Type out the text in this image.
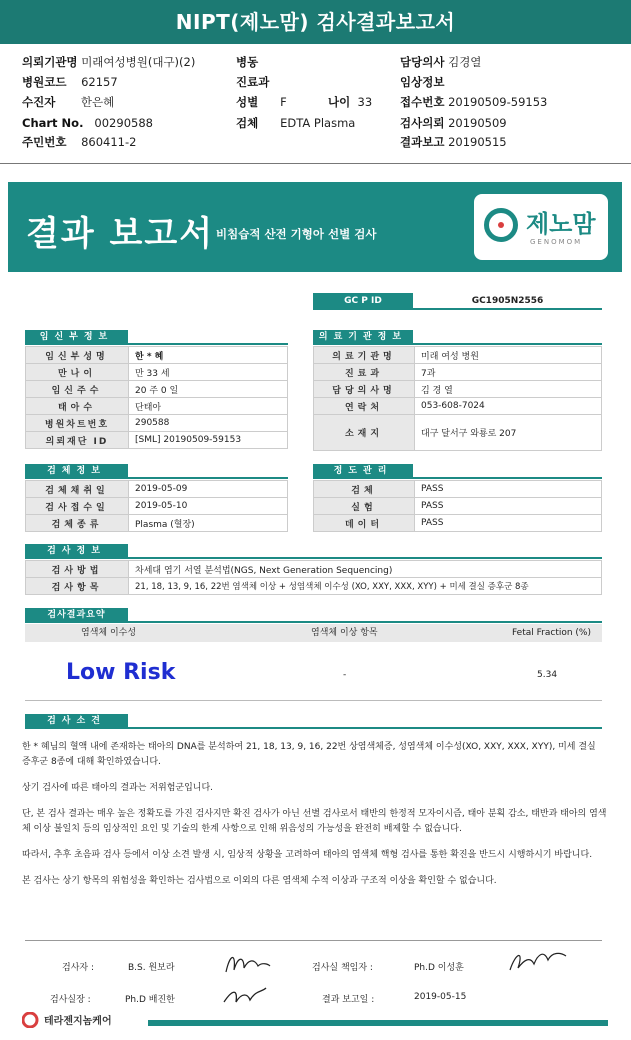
NIPT(제노맘) 검사결과보고서
의뢰기관명 미래여성병원(대구)(2)	병동	담당의사 김경열
병원코드 62157	진료과	임상정보
수진자 한은혜	성별 F	나이 33 접수번호 20190509-59153
Chart No. 00290588	검체 EDTA Plasma	검사의뢰 20190509
주민번호 860411-2	결과보고 20190515
결과 보고서 비침습적 산전 기형아 선별 검사	제노맘
GENOMOM
GC P ID	GC1905N2556
임신부정보
임신부성명	한 * 혜
만나이	만 33 세
임신주수	20 주 0 일
태아수	단태아
병원차트번호	290588
의뢰재단 ID	[SML] 20190509-59153
의료기관정보
의료기관명	미래 여성 병원
진료과	7과
담당의사명	김 경 열
연락처	053-608-7024
소재지	대구 달서구 와룡로 207
검체정보
검체채취일	2019-05-09
검사접수일	2019-05-10
검체종류	Plasma (혈장)
정도관리
검체	PASS
실험	PASS
데이터	PASS
검사정보
검사방법	차세대 염기 서열 분석법(NGS, Next Generation Sequencing)
검사항목	21, 18, 13, 9, 16, 22번 염색체 이상 + 성염색체 이수성 (XO, XXY, XXX, XYY) + 미세 결실 증후군 8종
검사결과요약
염색체 이수성	염색체 이상 항목	Fetal Fraction (%)
Low Risk	-	5.34
검사소견

한 * 혜님의 혈액 내에 존재하는 태아의 DNA를 분석하여 21, 18, 13, 9, 16, 22번 상염색체증, 성염색체 이수성(XO, XXY, XXX, XYY), 미세 결실 증후군 8종에 대해 확인하였습니다.

상기 검사에 따른 태아의 결과는 저위험군입니다.

단, 본 검사 결과는 매우 높은 정확도를 가진 검사지만 확진 검사가 아닌 선별 검사로서 태반의 한정적 모자이시즘, 태아 분획 감소, 태반과 태아의 염색체 이상 불일치 등의 임상적인 요인 및 기술의 한계 사항으로 인해 위음성의 가능성을 완전히 배제할 수 없습니다.

따라서, 추후 초음파 검사 등에서 이상 소견 발생 시, 임상적 상황을 고려하여 태아의 염색체 핵형 검사를 통한 확진을 반드시 시행하시기 바랍니다.

본 검사는 상기 항목의 위험성을 확인하는 검사법으로 이외의 다른 염색체 수적 이상과 구조적 이상을 확인할 수 없습니다.

검사자 :	B.S. 원보라	검사실 책임자 :	Ph.D 이성훈
검사실장 :	Ph.D 배진한	결과 보고일 :	2019-05-15
테라젠지놈케어
